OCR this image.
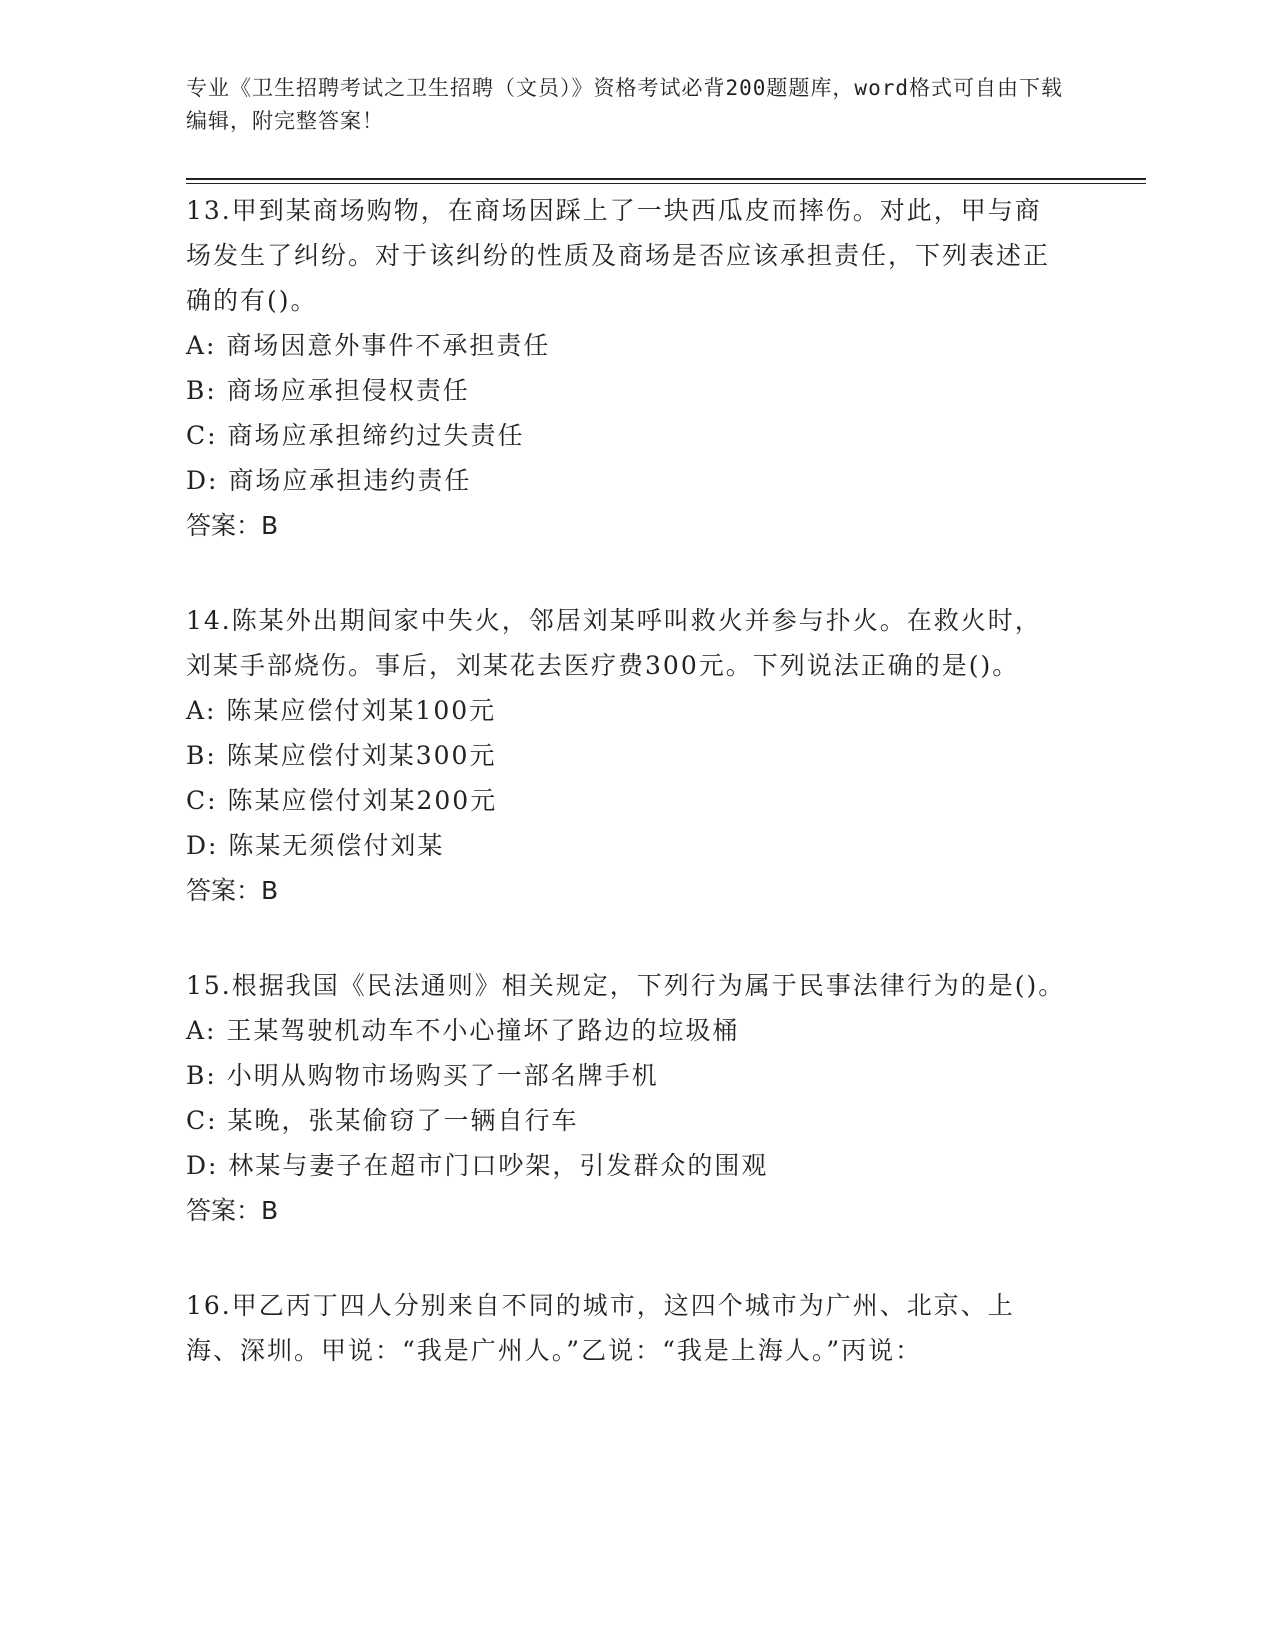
专业《卫生招聘考试之卫生招聘（文员）》资格考试必背200题题库，word格式可自由下载编辑，附完整答案！

13.甲到某商场购物，在商场因踩上了一块西瓜皮而摔伤。对此，甲与商场发生了纠纷。对于该纠纷的性质及商场是否应该承担责任，下列表述正确的有()。

A: 商场因意外事件不承担责任

B: 商场应承担侵权责任

C: 商场应承担缔约过失责任

D: 商场应承担违约责任

答案：B

14.陈某外出期间家中失火，邻居刘某呼叫救火并参与扑火。在救火时，刘某手部烧伤。事后，刘某花去医疗费300元。下列说法正确的是()。

A: 陈某应偿付刘某100元

B: 陈某应偿付刘某300元

C: 陈某应偿付刘某200元

D: 陈某无须偿付刘某

答案：B

15.根据我国《民法通则》相关规定，下列行为属于民事法律行为的是()。

A: 王某驾驶机动车不小心撞坏了路边的垃圾桶

B: 小明从购物市场购买了一部名牌手机

C: 某晚，张某偷窃了一辆自行车

D: 林某与妻子在超市门口吵架，引发群众的围观

答案：B

16.甲乙丙丁四人分别来自不同的城市，这四个城市为广州、北京、上海、深圳。甲说：“我是广州人。”乙说：“我是上海人。”丙说：
